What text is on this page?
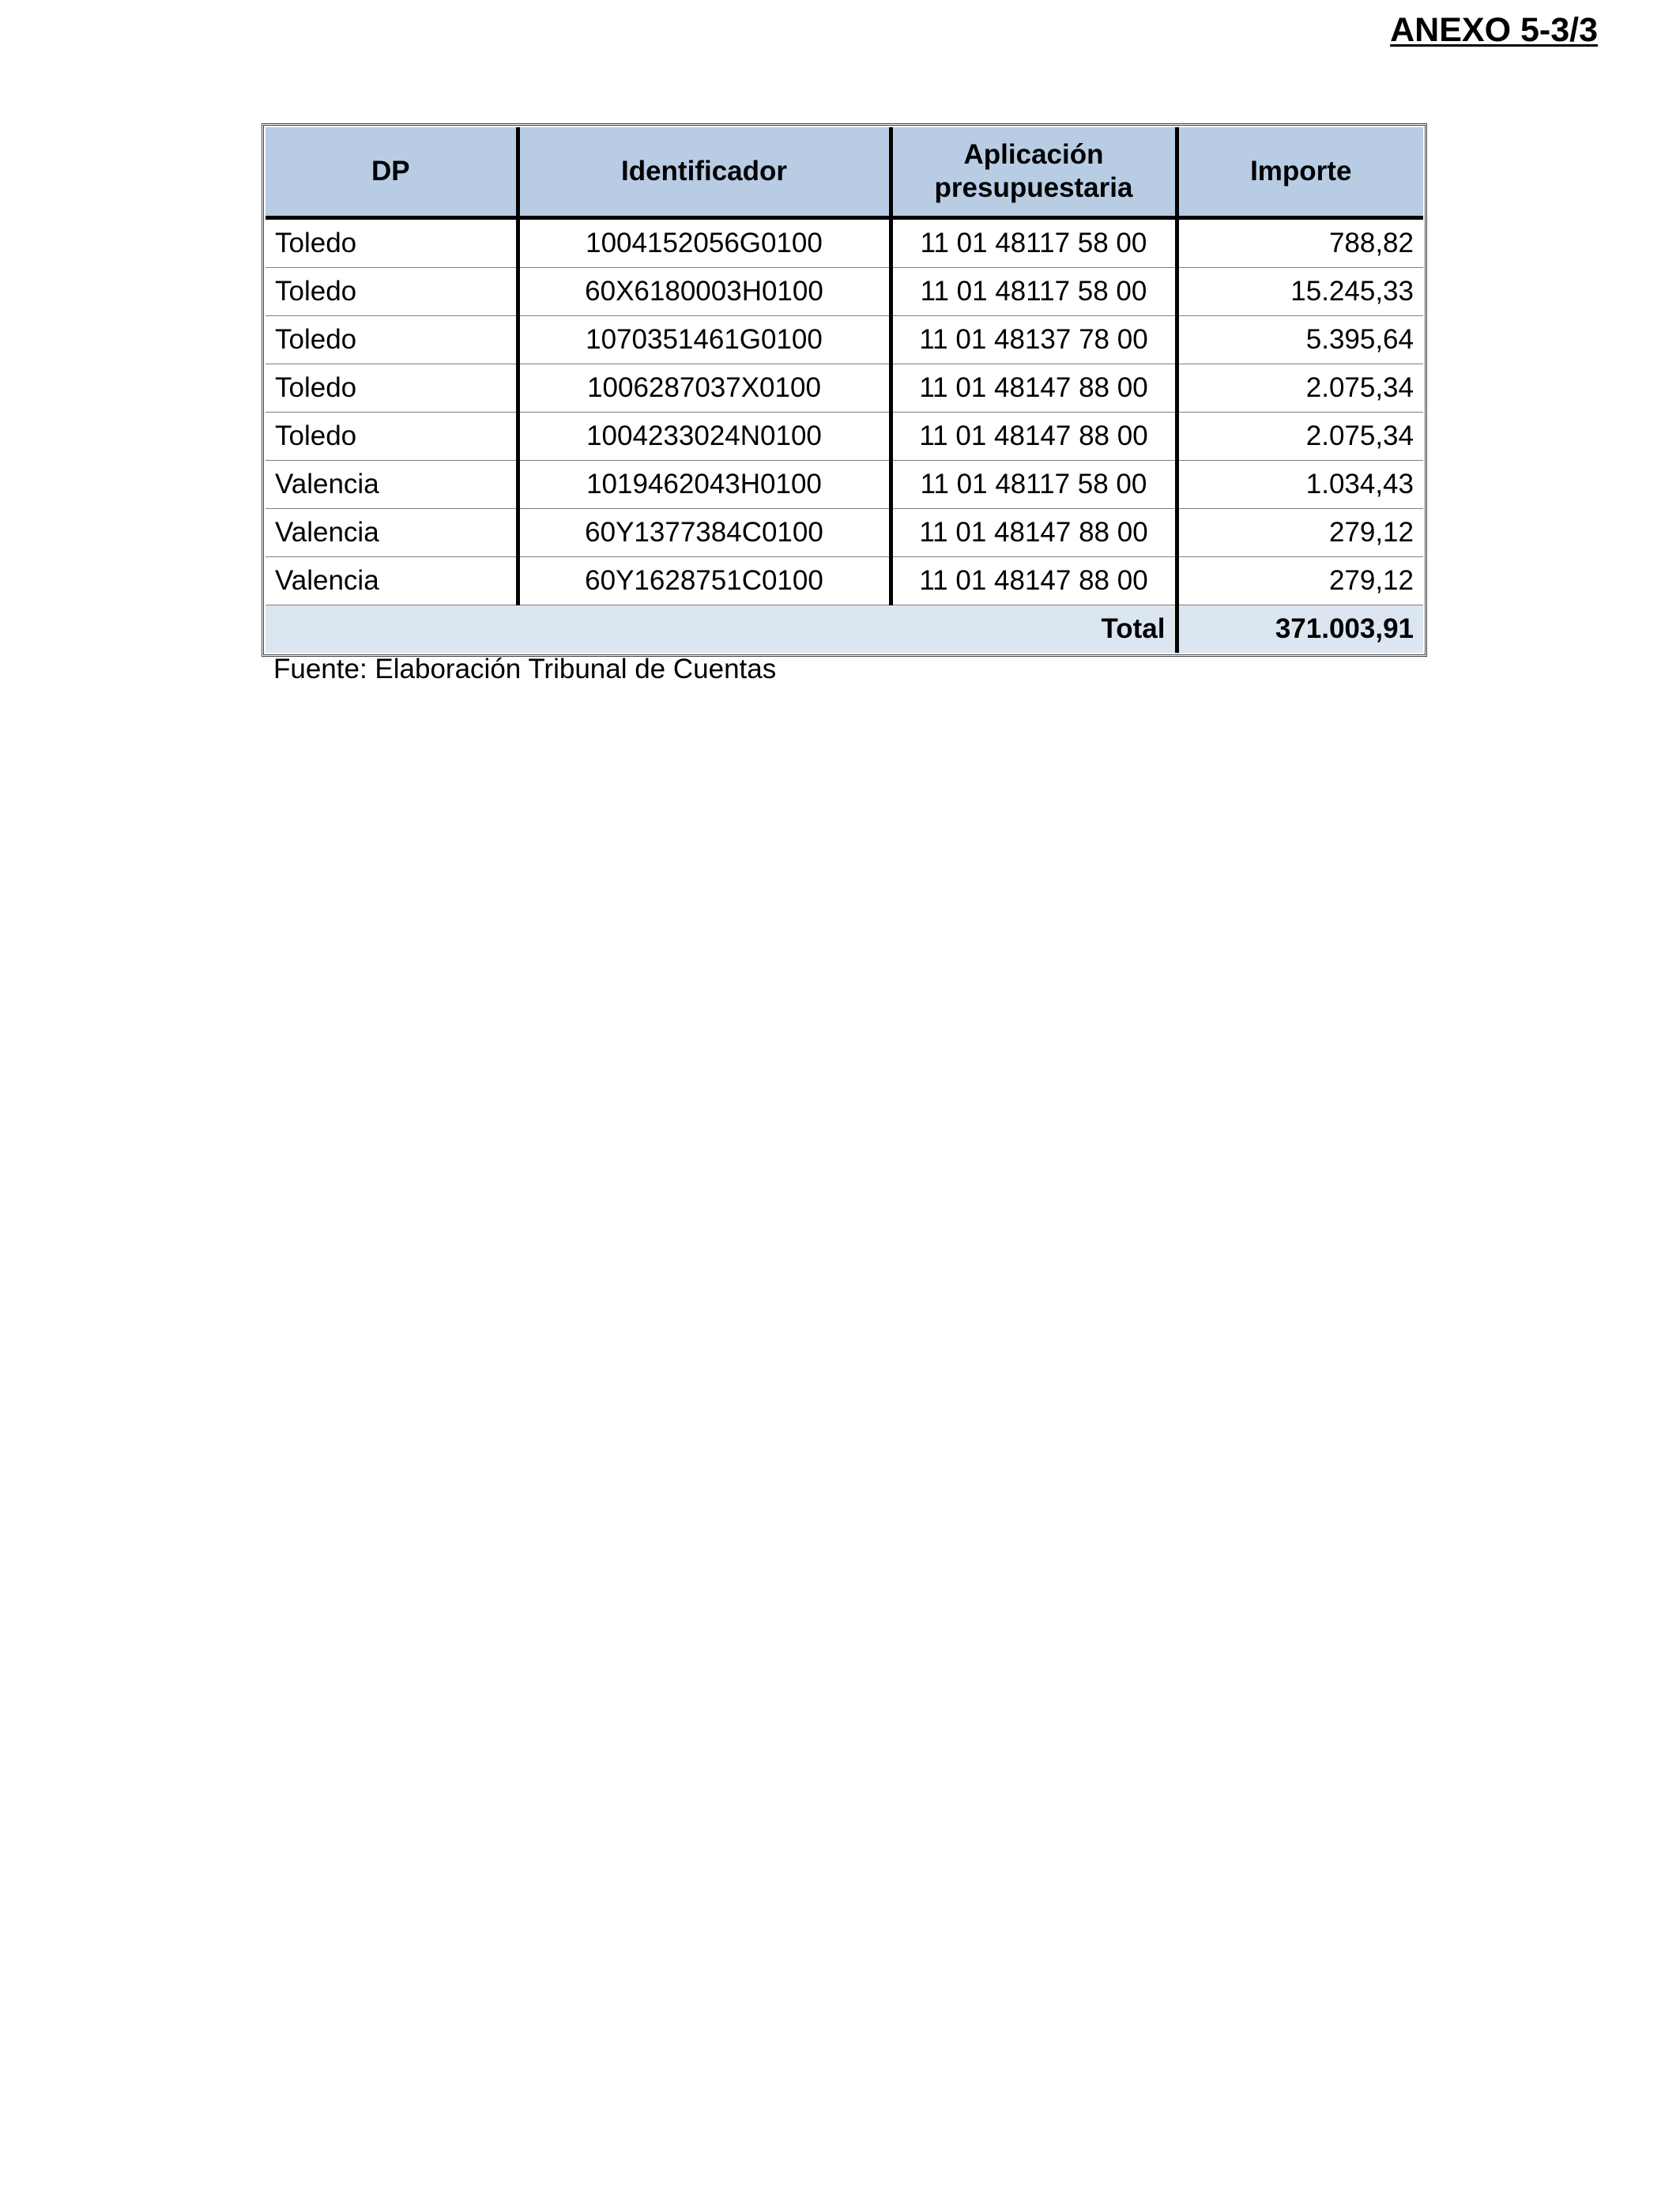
ANEXO 5-3/3
DP	Identificador	Aplicación presupuestaria	Importe
Toledo	1004152056G0100	11 01 48117 58 00	788,82
Toledo	60X6180003H0100	11 01 48117 58 00	15.245,33
Toledo	1070351461G0100	11 01 48137 78 00	5.395,64
Toledo	1006287037X0100	11 01 48147 88 00	2.075,34
Toledo	1004233024N0100	11 01 48147 88 00	2.075,34
Valencia	1019462043H0100	11 01 48117 58 00	1.034,43
Valencia	60Y1377384C0100	11 01 48147 88 00	279,12
Valencia	60Y1628751C0100	11 01 48147 88 00	279,12
Total			371.003,91
Fuente: Elaboración Tribunal de Cuentas
